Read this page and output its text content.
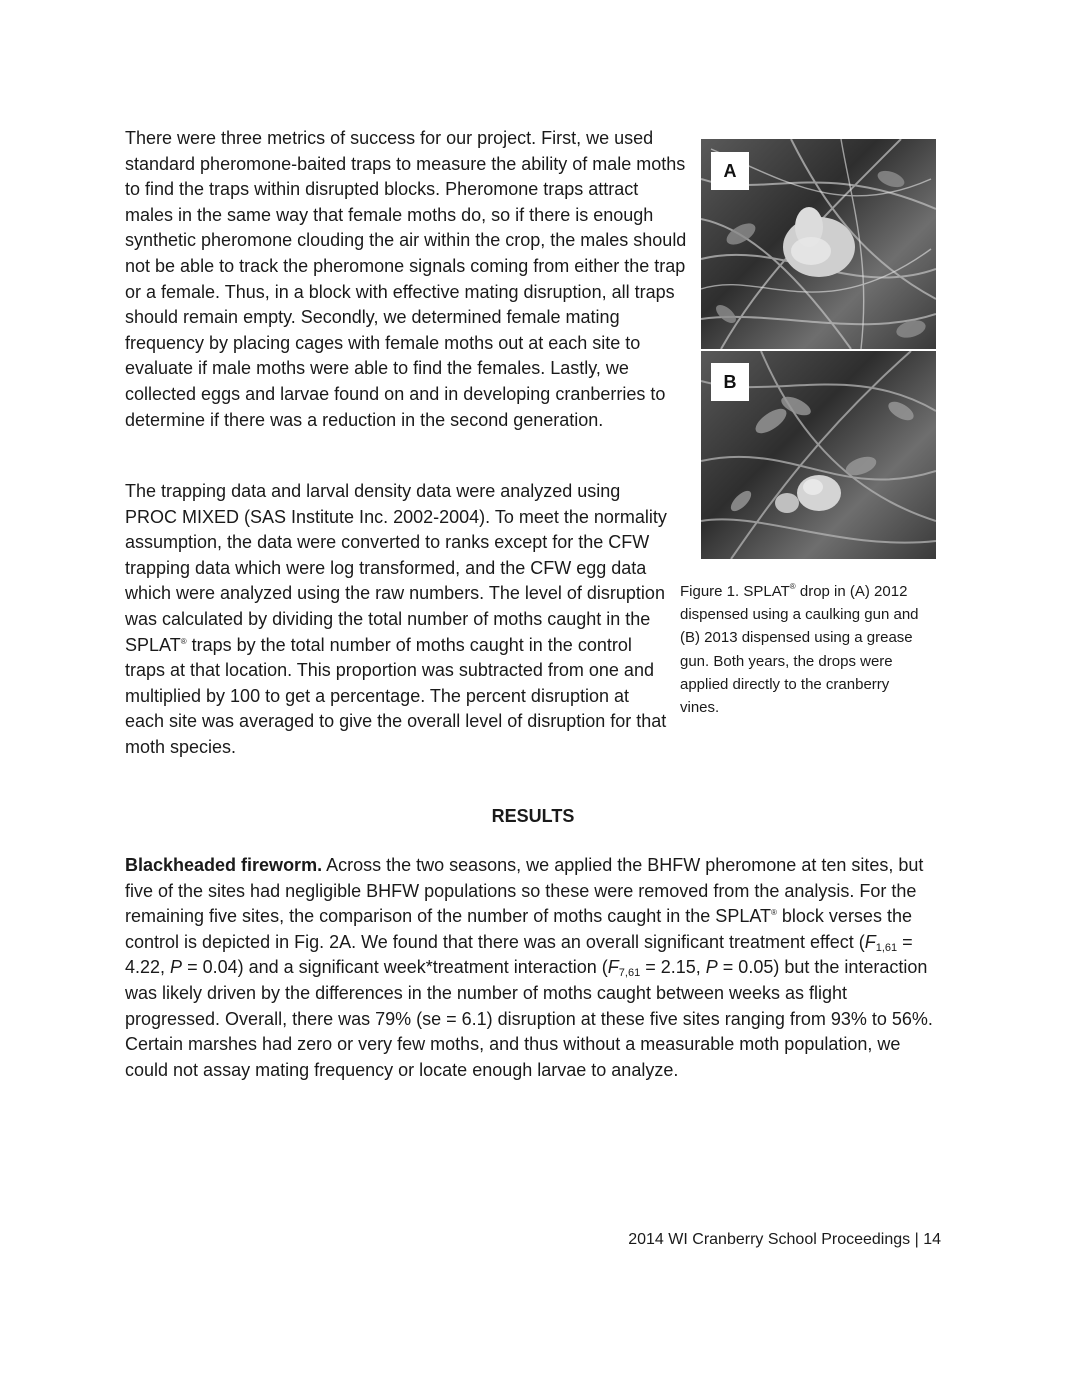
There were three metrics of success for our project. First, we used standard pheromone-baited traps to measure the ability of male moths to find the traps within disrupted blocks. Pheromone traps attract males in the same way that female moths do, so if there is enough synthetic pheromone clouding the air within the crop, the males should not be able to track the pheromone signals coming from either the trap or a female. Thus, in a block with effective mating disruption, all traps should remain empty. Secondly, we determined female mating frequency by placing cages with female moths out at each site to evaluate if male moths were able to find the females. Lastly, we collected eggs and larvae found on and in developing cranberries to determine if there was a reduction in the second generation.

The trapping data and larval density data were analyzed using PROC MIXED (SAS Institute Inc. 2002-2004). To meet the normality assumption, the data were converted to ranks except for the CFW trapping data which were log transformed, and the CFW egg data which were analyzed using the raw numbers. The level of disruption was calculated by dividing the total number of moths caught in the SPLAT® traps by the total number of moths caught in the control traps at that location. This proportion was subtracted from one and multiplied by 100 to get a percentage. The percent disruption at each site was averaged to give the overall level of disruption for that moth species.

A
B

Figure 1. SPLAT® drop in (A) 2012 dispensed using a caulking gun and (B) 2013 dispensed using a grease gun. Both years, the drops were applied directly to the cranberry vines.

RESULTS

Blackheaded fireworm. Across the two seasons, we applied the BHFW pheromone at ten sites, but five of the sites had negligible BHFW populations so these were removed from the analysis. For the remaining five sites, the comparison of the number of moths caught in the SPLAT® block verses the control is depicted in Fig. 2A. We found that there was an overall significant treatment effect ($F_{1,61} = 4.22$, P = 0.04) and a significant week*treatment interaction ($F_{7,61} = 2.15$, P = 0.05) but the interaction was likely driven by the differences in the number of moths caught between weeks as flight progressed. Overall, there was 79% (se = 6.1) disruption at these five sites ranging from 93% to 56%. Certain marshes had zero or very few moths, and thus without a measurable moth population, we could not assay mating frequency or locate enough larvae to analyze.

2014 WI Cranberry School Proceedings | 14
